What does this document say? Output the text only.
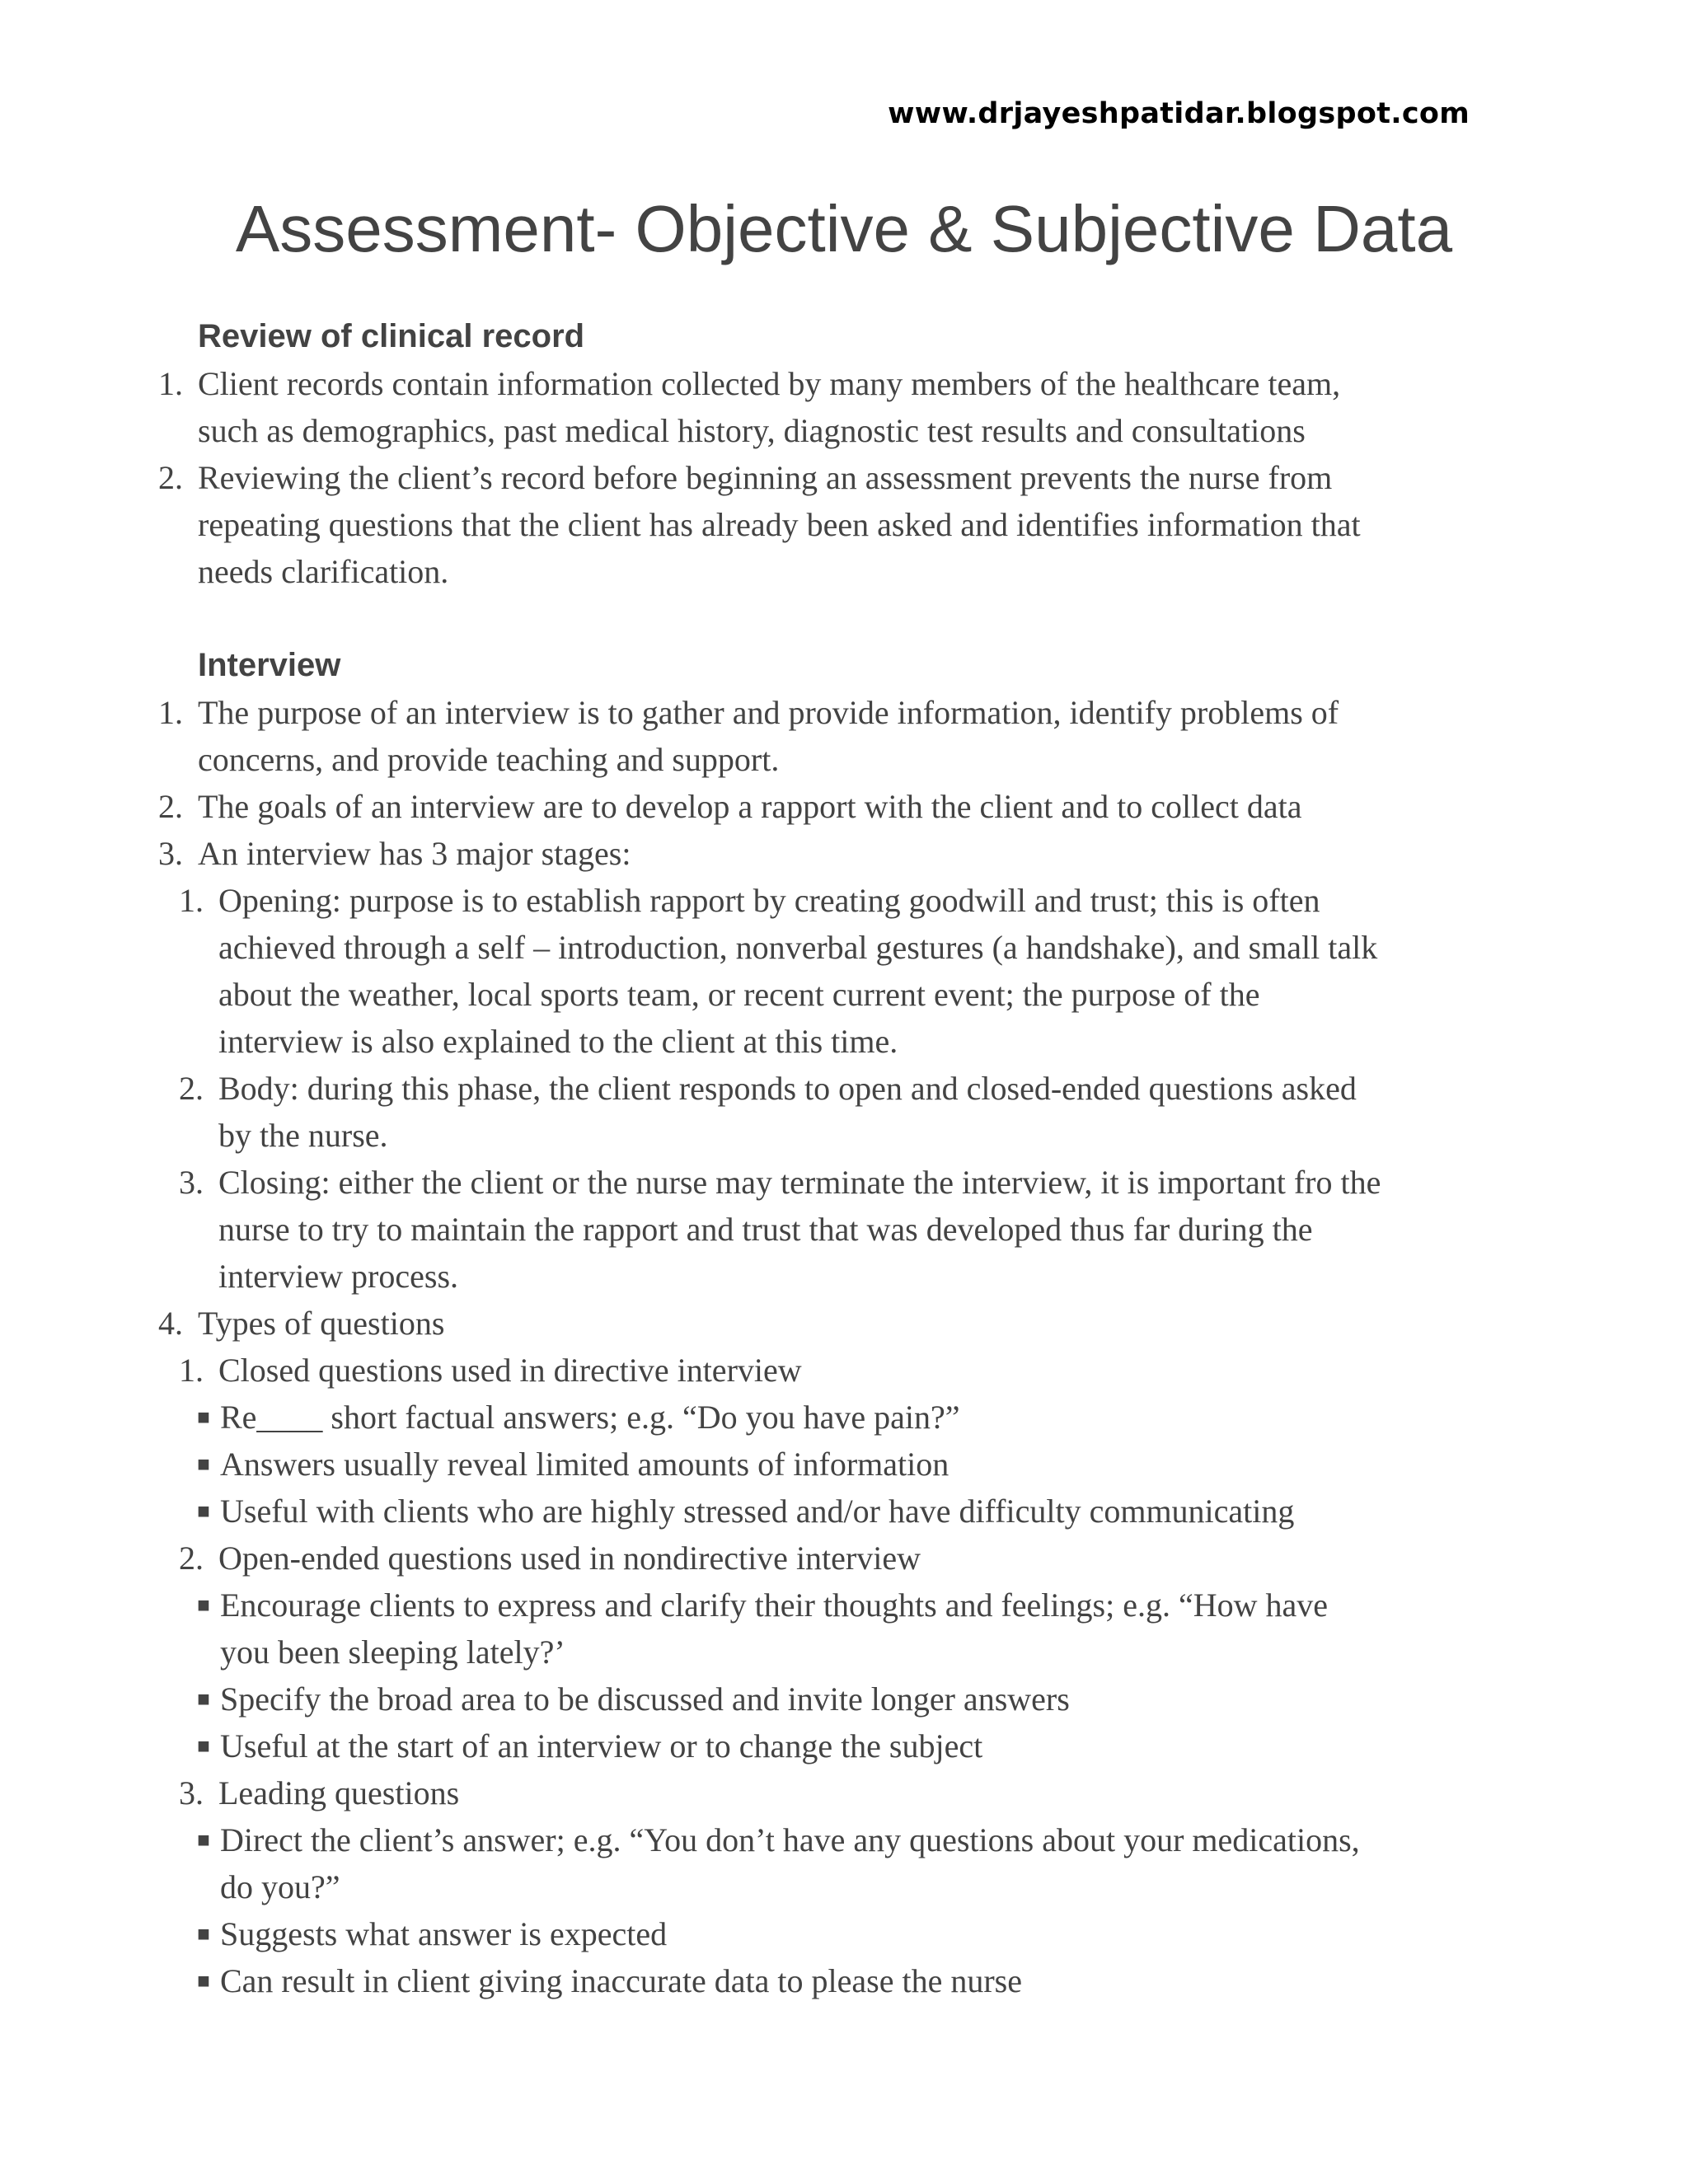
www.drjayeshpatidar.blogspot.com
Assessment- Objective & Subjective Data
Review of clinical record
1. Client records contain information collected by many members of the healthcare team,
such as demographics, past medical history, diagnostic test results and consultations
2. Reviewing the client’s record before beginning an assessment prevents the nurse from
repeating questions that the client has already been asked and identifies information that
needs clarification.
Interview
1. The purpose of an interview is to gather and provide information, identify problems of
concerns, and provide teaching and support.
2. The goals of an interview are to develop a rapport with the client and to collect data
3. An interview has 3 major stages:
1. Opening: purpose is to establish rapport by creating goodwill and trust; this is often
achieved through a self – introduction, nonverbal gestures (a handshake), and small talk
about the weather, local sports team, or recent current event; the purpose of the
interview is also explained to the client at this time.
2. Body: during this phase, the client responds to open and closed-ended questions asked
by the nurse.
3. Closing: either the client or the nurse may terminate the interview, it is important fro the
nurse to try to maintain the rapport and trust that was developed thus far during the
interview process.
4. Types of questions
1. Closed questions used in directive interview
■ Re____ short factual answers; e.g. “Do you have pain?”
■ Answers usually reveal limited amounts of information
■ Useful with clients who are highly stressed and/or have difficulty communicating
2. Open-ended questions used in nondirective interview
■ Encourage clients to express and clarify their thoughts and feelings; e.g. “How have
you been sleeping lately?’
■ Specify the broad area to be discussed and invite longer answers
■ Useful at the start of an interview or to change the subject
3. Leading questions
■ Direct the client’s answer; e.g. “You don’t have any questions about your medications,
do you?”
■ Suggests what answer is expected
■ Can result in client giving inaccurate data to please the nurse
